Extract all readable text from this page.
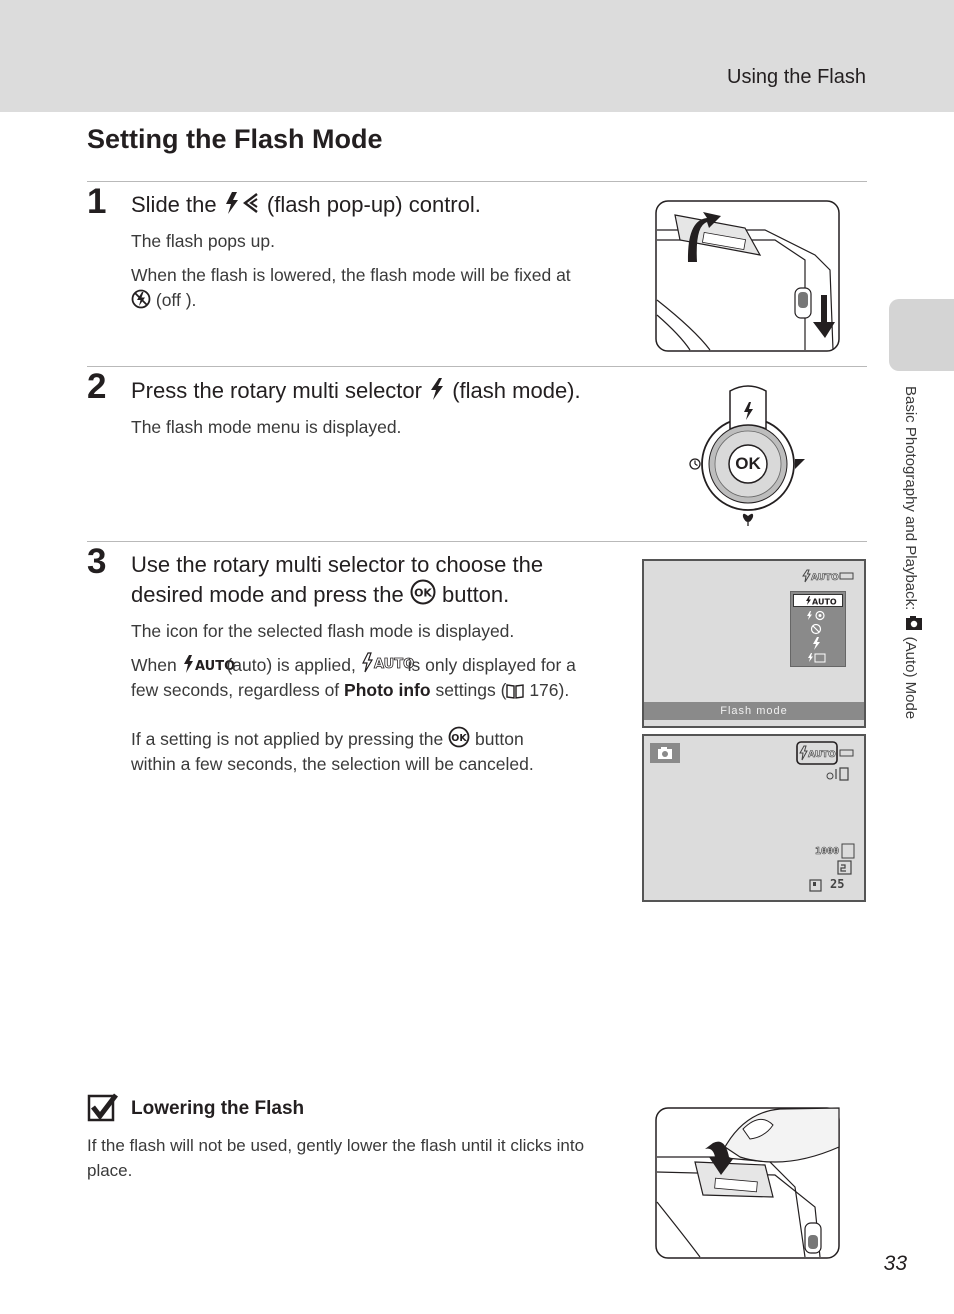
Using the Flash
Setting the Flash Mode
1 Slide the (flash pop-up) control.
The flash pops up.
When the flash is lowered, the flash mode will be fixed at
(off ).
2 Press the rotary multi selector (flash mode).
The flash mode menu is displayed.
OK
3 Use the rotary multi selector to choose the
desired mode and press the OK button.
The icon for the selected flash mode is displayed.
When AUTO
(auto) is applied, AUTO
is only displayed for a
few seconds, regardless of Photo info settings ( 176).
If a setting is not applied by pressing the OK button
within a few seconds, the selection will be canceled.
AUTO
AUTO
Flash mode
AUTO
1000
25
Basic Photography and Playback:  (Auto) Mode
Lowering the Flash
If the flash will not be used, gently lower the flash until it clicks into place.
33
